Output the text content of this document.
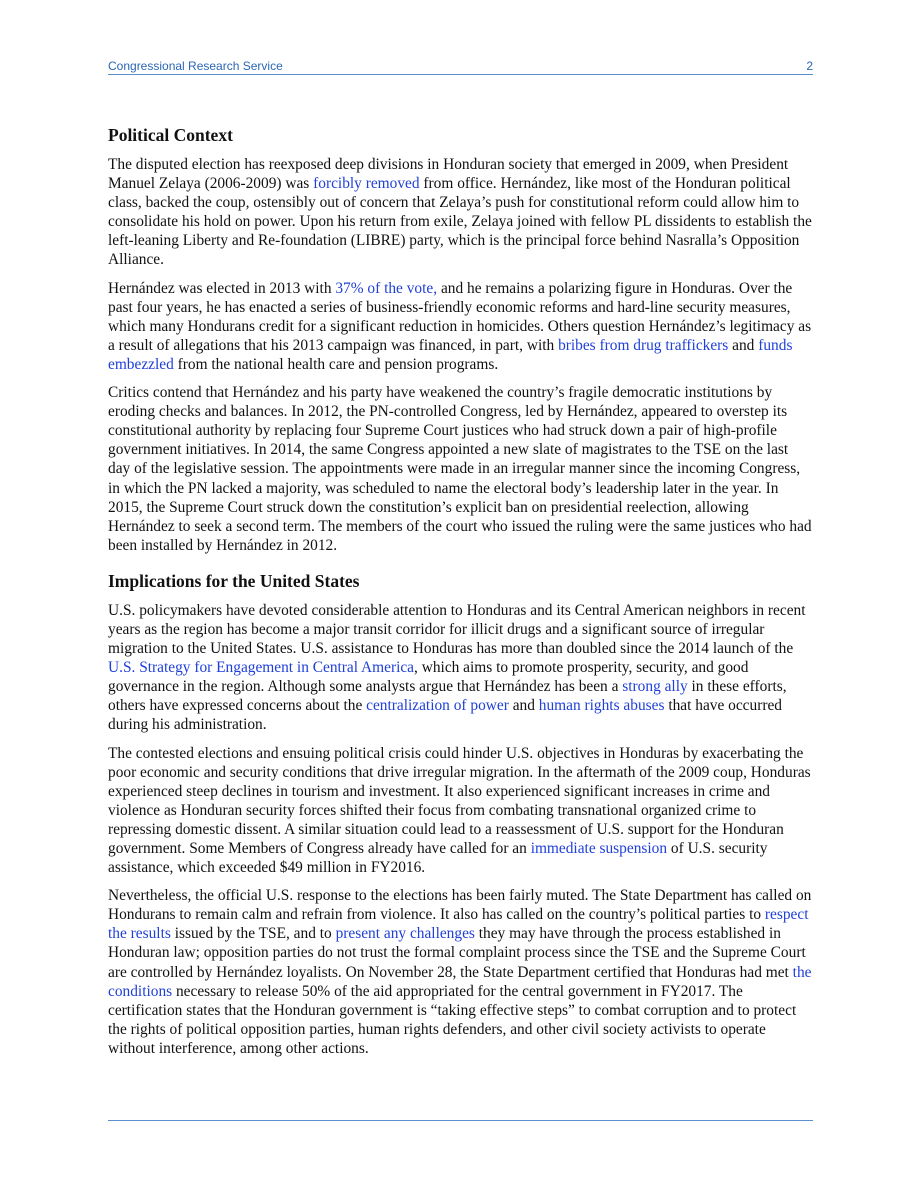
Congressional Research Service	2
Political Context

The disputed election has reexposed deep divisions in Honduran society that emerged in 2009, when President Manuel Zelaya (2006-2009) was forcibly removed from office. Hernández, like most of the Honduran political class, backed the coup, ostensibly out of concern that Zelaya’s push for constitutional reform could allow him to consolidate his hold on power. Upon his return from exile, Zelaya joined with fellow PL dissidents to establish the left-leaning Liberty and Re-foundation (LIBRE) party, which is the principal force behind Nasralla’s Opposition Alliance.

Hernández was elected in 2013 with 37% of the vote, and he remains a polarizing figure in Honduras. Over the past four years, he has enacted a series of business-friendly economic reforms and hard-line security measures, which many Hondurans credit for a significant reduction in homicides. Others question Hernández’s legitimacy as a result of allegations that his 2013 campaign was financed, in part, with bribes from drug traffickers and funds embezzled from the national health care and pension programs.

Critics contend that Hernández and his party have weakened the country’s fragile democratic institutions by eroding checks and balances. In 2012, the PN-controlled Congress, led by Hernández, appeared to overstep its constitutional authority by replacing four Supreme Court justices who had struck down a pair of high-profile government initiatives. In 2014, the same Congress appointed a new slate of magistrates to the TSE on the last day of the legislative session. The appointments were made in an irregular manner since the incoming Congress, in which the PN lacked a majority, was scheduled to name the electoral body’s leadership later in the year. In 2015, the Supreme Court struck down the constitution’s explicit ban on presidential reelection, allowing Hernández to seek a second term. The members of the court who issued the ruling were the same justices who had been installed by Hernández in 2012.

Implications for the United States

U.S. policymakers have devoted considerable attention to Honduras and its Central American neighbors in recent years as the region has become a major transit corridor for illicit drugs and a significant source of irregular migration to the United States. U.S. assistance to Honduras has more than doubled since the 2014 launch of the U.S. Strategy for Engagement in Central America, which aims to promote prosperity, security, and good governance in the region. Although some analysts argue that Hernández has been a strong ally in these efforts, others have expressed concerns about the centralization of power and human rights abuses that have occurred during his administration.

The contested elections and ensuing political crisis could hinder U.S. objectives in Honduras by exacerbating the poor economic and security conditions that drive irregular migration. In the aftermath of the 2009 coup, Honduras experienced steep declines in tourism and investment. It also experienced significant increases in crime and violence as Honduran security forces shifted their focus from combating transnational organized crime to repressing domestic dissent. A similar situation could lead to a reassessment of U.S. support for the Honduran government. Some Members of Congress already have called for an immediate suspension of U.S. security assistance, which exceeded $49 million in FY2016.

Nevertheless, the official U.S. response to the elections has been fairly muted. The State Department has called on Hondurans to remain calm and refrain from violence. It also has called on the country’s political parties to respect the results issued by the TSE, and to present any challenges they may have through the process established in Honduran law; opposition parties do not trust the formal complaint process since the TSE and the Supreme Court are controlled by Hernández loyalists. On November 28, the State Department certified that Honduras had met the conditions necessary to release 50% of the aid appropriated for the central government in FY2017. The certification states that the Honduran government is “taking effective steps” to combat corruption and to protect the rights of political opposition parties, human rights defenders, and other civil society activists to operate without interference, among other actions.
